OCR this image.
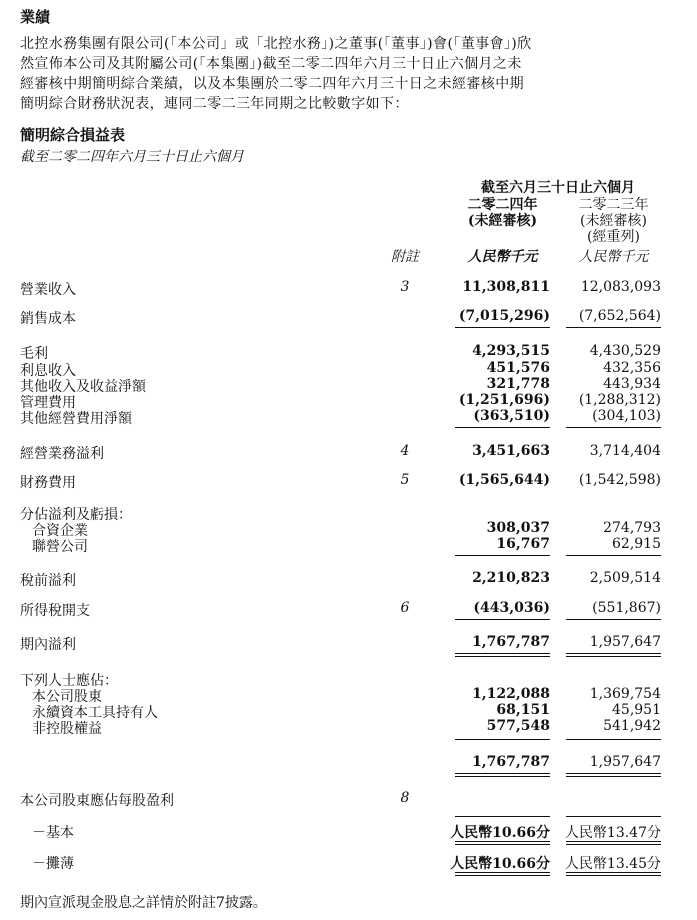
業績
北控水務集團有限公司(「本公司」或「北控水務」)之董事(「董事」)會(「董事會」)欣
然宣佈本公司及其附屬公司(「本集團」)截至二零二四年六月三十日止六個月之未
經審核中期簡明綜合業績，以及本集團於二零二四年六月三十日之未經審核中期
簡明綜合財務狀況表，連同二零二三年同期之比較數字如下：
簡明綜合損益表
截至二零二四年六月三十日止六個月
截至六月三十日止六個月
二零二四年
(未經審核)
二零二三年
(未經審核)
(經重列)
附註	人民幣千元	人民幣千元
營業收入	3	11,308,811 12,083,093
銷售成本	(7,015,296) (7,652,564)
毛利	4,293,515	4,430,529
利息收入	451,576	432,356
其他收入及收益淨額	321,778	443,934
管理費用	(1,251,696) (1,288,312)
其他經營費用淨額	(363,510)	(304,103)
經營業務溢利	4	3,451,663	3,714,404
財務費用	5	(1,565,644) (1,542,598)
分佔溢利及虧損：
合資企業	308,037	274,793
聯營公司	16,767	62,915
稅前溢利	2,210,823	2,509,514
所得稅開支	6	(443,036)	(551,867)
期內溢利	1,767,787	1,957,647
下列人士應佔：
本公司股東	1,122,088	1,369,754
永續資本工具持有人	68,151	45,951
非控股權益	577,548	541,942
1,767,787	1,957,647
本公司股東應佔每股盈利	8
－基本	人民幣10.66分 人民幣13.47分
－攤薄	人民幣10.66分 人民幣13.45分
期內宣派現金股息之詳情於附註7披露。
